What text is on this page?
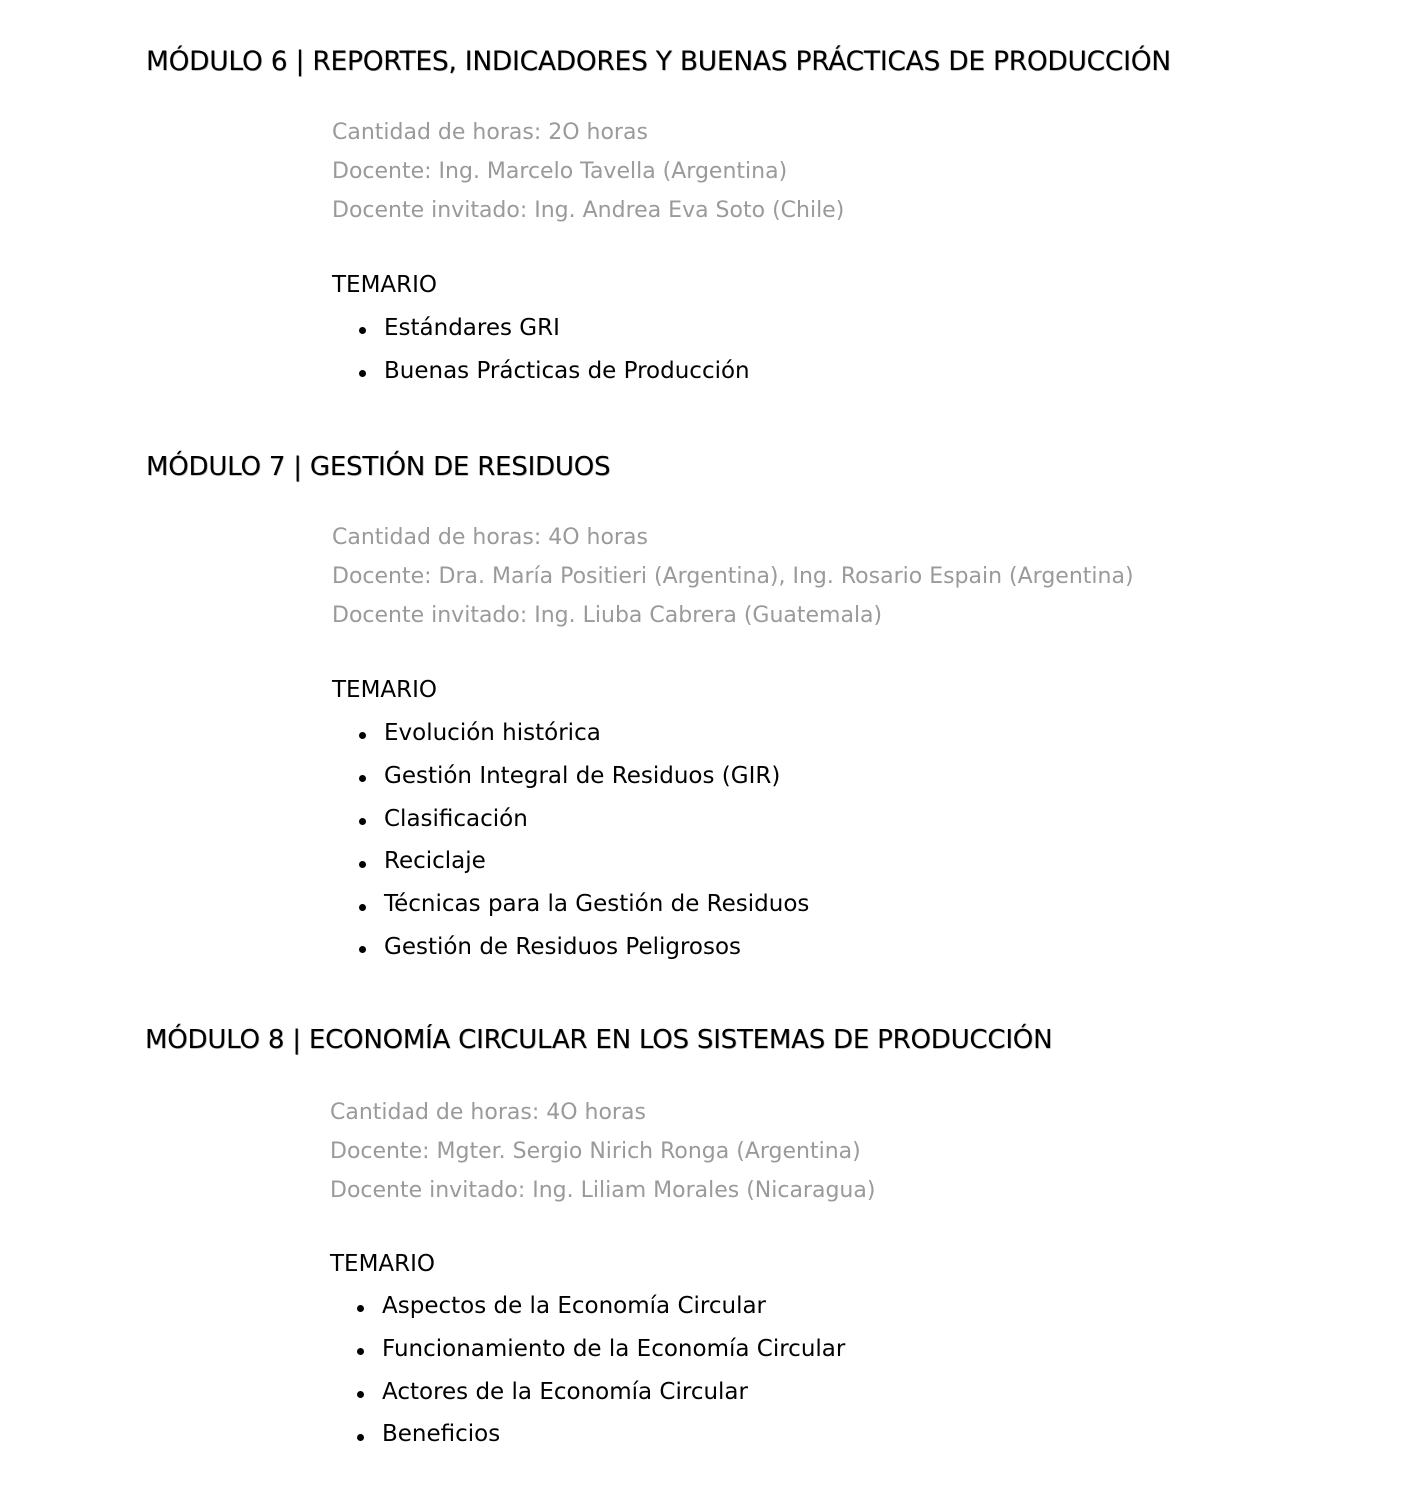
MÓDULO 6 | REPORTES, INDICADORES Y BUENAS PRÁCTICAS DE PRODUCCIÓN
Cantidad de horas: 2O horas
Docente: Ing. Marcelo Tavella (Argentina)
Docente invitado: Ing. Andrea Eva Soto (Chile)
TEMARIO
Estándares GRI
Buenas Prácticas de Producción
MÓDULO 7 | GESTIÓN DE RESIDUOS
Cantidad de horas: 4O horas
Docente: Dra. María Positieri (Argentina), Ing. Rosario Espain (Argentina)
Docente invitado: Ing. Liuba Cabrera (Guatemala)
TEMARIO
Evolución histórica
Gestión Integral de Residuos (GIR)
Clasificación
Reciclaje
Técnicas para la Gestión de Residuos
Gestión de Residuos Peligrosos
MÓDULO 8 | ECONOMÍA CIRCULAR EN LOS SISTEMAS DE PRODUCCIÓN
Cantidad de horas: 4O horas
Docente: Mgter. Sergio Nirich Ronga (Argentina)
Docente invitado: Ing. Liliam Morales (Nicaragua)
TEMARIO
Aspectos de la Economía Circular
Funcionamiento de la Economía Circular
Actores de la Economía Circular
Beneficios
